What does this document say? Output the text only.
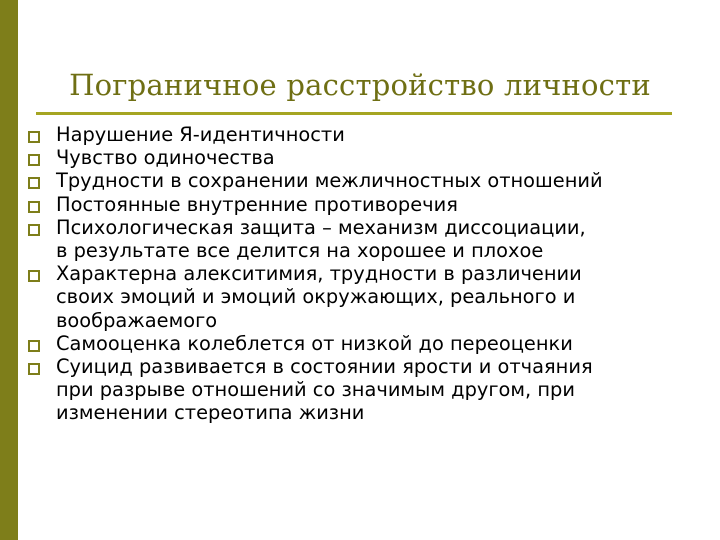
Пограничное расстройство личности
Нарушение Я-идентичности
Чувство одиночества
Трудности в сохранении межличностных отношений
Постоянные внутренние противоречия
Психологическая защита – механизм диссоциации,
в результате все делится на хорошее и плохое
Характерна алекситимия, трудности в различении
своих эмоций и эмоций окружающих, реального и
воображаемого
Самооценка колеблется от низкой до переоценки
Суицид развивается в состоянии ярости и отчаяния
при разрыве отношений со значимым другом, при
изменении стереотипа жизни
